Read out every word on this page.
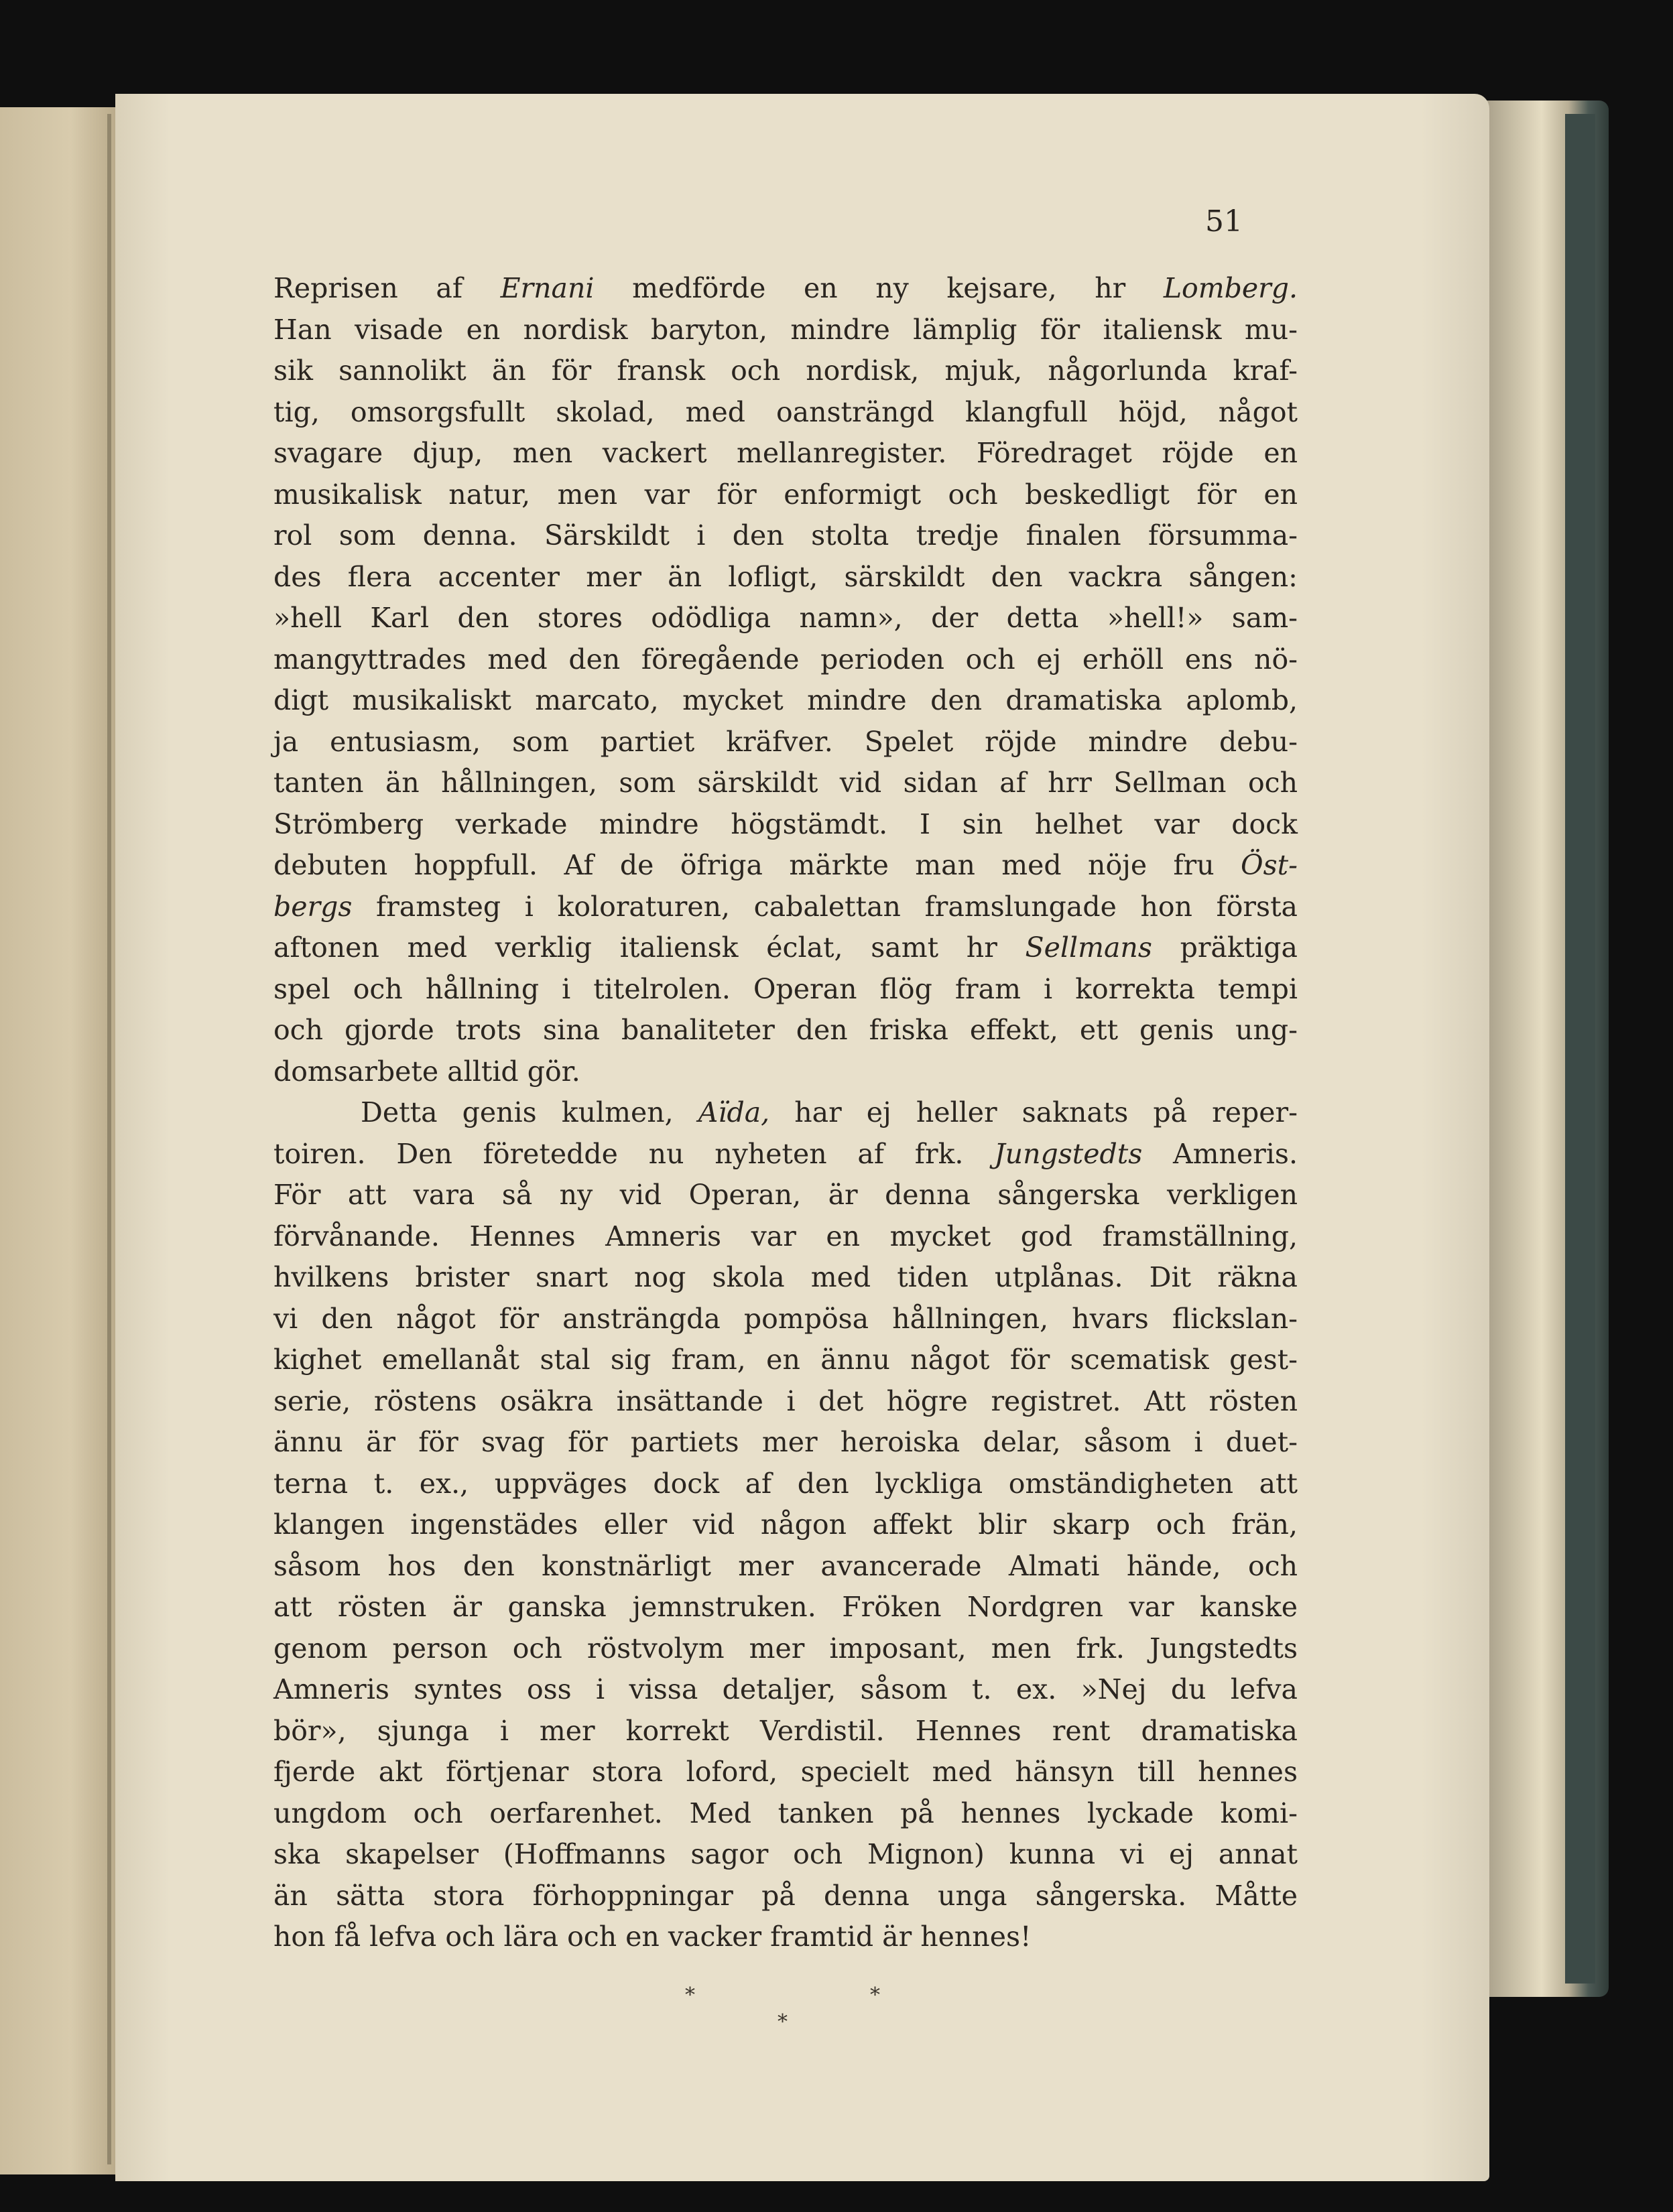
51
Reprisen af Ernani medförde en ny kejsare, hr Lomberg.
Han visade en nordisk baryton, mindre lämplig för italiensk mu-
sik sannolikt än för fransk och nordisk, mjuk, någorlunda kraf-
tig, omsorgsfullt skolad, med oansträngd klangfull höjd, något
svagare djup, men vackert mellanregister. Föredraget röjde en
musikalisk natur, men var för enformigt och beskedligt för en
rol som denna. Särskildt i den stolta tredje finalen försumma-
des flera accenter mer än lofligt, särskildt den vackra sången:
»hell Karl den stores odödliga namn», der detta »hell!» sam-
mangyttrades med den föregående perioden och ej erhöll ens nö-
digt musikaliskt marcato, mycket mindre den dramatiska aplomb,
ja entusiasm, som partiet kräfver. Spelet röjde mindre debu-
tanten än hållningen, som särskildt vid sidan af hrr Sellman och
Strömberg verkade mindre högstämdt. I sin helhet var dock
debuten hoppfull. Af de öfriga märkte man med nöje fru Öst-
bergs framsteg i koloraturen, cabalettan framslungade hon första
aftonen med verklig italiensk éclat, samt hr Sellmans präktiga
spel och hållning i titelrolen. Operan flög fram i korrekta tempi
och gjorde trots sina banaliteter den friska effekt, ett genis ung-
domsarbete alltid gör.
Detta genis kulmen, Aïda, har ej heller saknats på reper-
toiren. Den företedde nu nyheten af frk. Jungstedts Amneris.
För att vara så ny vid Operan, är denna sångerska verkligen
förvånande. Hennes Amneris var en mycket god framställning,
hvilkens brister snart nog skola med tiden utplånas. Dit räkna
vi den något för ansträngda pompösa hållningen, hvars flickslan-
kighet emellanåt stal sig fram, en ännu något för scematisk gest-
serie, röstens osäkra insättande i det högre registret. Att rösten
ännu är för svag för partiets mer heroiska delar, såsom i duet-
terna t. ex., uppväges dock af den lyckliga omständigheten att
klangen ingenstädes eller vid någon affekt blir skarp och frän,
såsom hos den konstnärligt mer avancerade Almati hände, och
att rösten är ganska jemnstruken. Fröken Nordgren var kanske
genom person och röstvolym mer imposant, men frk. Jungstedts
Amneris syntes oss i vissa detaljer, såsom t. ex. »Nej du lefva
bör», sjunga i mer korrekt Verdistil. Hennes rent dramatiska
fjerde akt förtjenar stora loford, specielt med hänsyn till hennes
ungdom och oerfarenhet. Med tanken på hennes lyckade komi-
ska skapelser (Hoffmanns sagor och Mignon) kunna vi ej annat
än sätta stora förhoppningar på denna unga sångerska. Måtte
hon få lefva och lära och en vacker framtid är hennes!
*	*
*
